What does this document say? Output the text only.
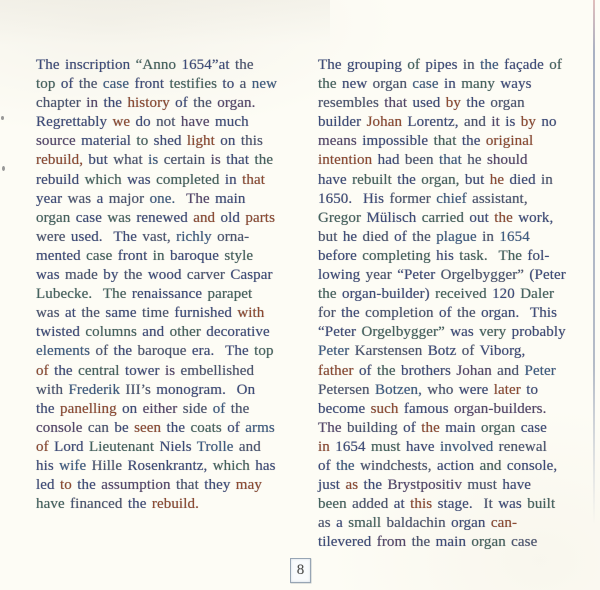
The inscription “Anno 1654”at the
top of the case front testifies to a new
chapter in the history of the organ.
Regrettably we do not have much
source material to shed light on this
rebuild, but what is certain is that the
rebuild which was completed in that
year was a major one. The main
organ case was renewed and old parts
were used. The vast, richly orna-
mented case front in baroque style
was made by the wood carver Caspar
Lubecke. The renaissance parapet
was at the same time furnished with
twisted columns and other decorative
elements of the baroque era. The top
of the central tower is embellished
with Frederik III’s monogram. On
the panelling on either side of the
console can be seen the coats of arms
of Lord Lieutenant Niels Trolle and
his wife Hille Rosenkrantz, which has
led to the assumption that they may
have financed the rebuild.
The grouping of pipes in the façade of
the new organ case in many ways
resembles that used by the organ
builder Johan Lorentz, and it is by no
means impossible that the original
intention had been that he should
have rebuilt the organ, but he died in
1650. His former chief assistant,
Gregor Mülisch carried out the work,
but he died of the plague in 1654
before completing his task. The fol-
lowing year “Peter Orgelbygger” (Peter
the organ-builder) received 120 Daler
for the completion of the organ. This
“Peter Orgelbygger” was very probably
Peter Karstensen Botz of Viborg,
father of the brothers Johan and Peter
Petersen Botzen, who were later to
become such famous organ-builders.
The building of the main organ case
in 1654 must have involved renewal
of the windchests, action and console,
just as the Brystpositiv must have
been added at this stage. It was built
as a small baldachin organ can-
tilevered from the main organ case
8
